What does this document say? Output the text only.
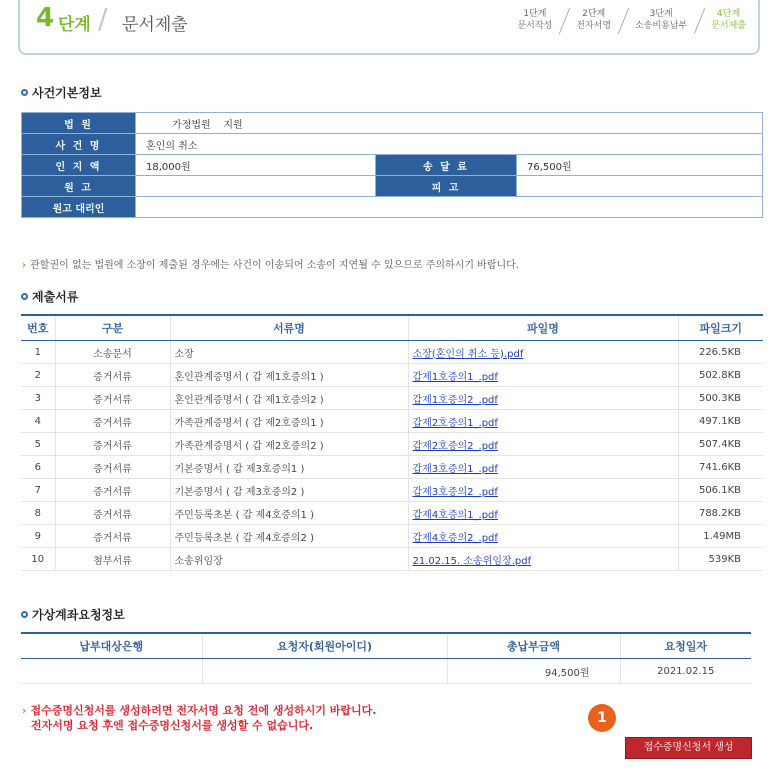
4 단계 / 문서제출
1단계
문서작성
2단계
전자서명
3단계
소송비용납부
4단계
문서제출
사건기본정보
법 원	가정법원    지원		
사 건 명	혼인의 취소		
인 지 액	18,000원	송 달 료	76,500원
원 고		피 고	
원고 대리인			
› 관할권이 없는 법원에 소장이 제출된 경우에는 사건이 이송되어 소송이 지연될 수 있으므로 주의하시기 바랍니다.
제출서류
번호	구분	서류명	파일명	파일크기
1	소송문서	소장	소장(혼인의 취소 등).pdf	226.5KB
2	증거서류	혼인관계증명서 ( 갑 제1호증의1 )	갑제1호증의1_.pdf	502.8KB
3	증거서류	혼인관계증명서 ( 갑 제1호증의2 )	갑제1호증의2_.pdf	500.3KB
4	증거서류	가족관계증명서 ( 갑 제2호증의1 )	갑제2호증의1_.pdf	497.1KB
5	증거서류	가족관계증명서 ( 갑 제2호증의2 )	갑제2호증의2_.pdf	507.4KB
6	증거서류	기본증명서 ( 갑 제3호증의1 )	갑제3호증의1_.pdf	741.6KB
7	증거서류	기본증명서 ( 갑 제3호증의2 )	갑제3호증의2_.pdf	506.1KB
8	증거서류	주민등록초본 ( 갑 제4호증의1 )	갑제4호증의1_.pdf	788.2KB
9	증거서류	주민등록초본 ( 갑 제4호증의2 )	갑제4호증의2_.pdf	1.49MB
10	첨부서류	소송위임장	21.02.15. 소송위임장.pdf	539KB
가상계좌요청정보
납부대상은행	요청자(회원아이디)	총납부금액	요청일자
		94,500원	2021.02.15
› 접수증명신청서를 생성하려면 전자서명 요청 전에 생성하시기 바랍니다.
전자서명 요청 후엔 접수증명신청서를 생성할 수 없습니다.	1
접수증명신청서 생성
